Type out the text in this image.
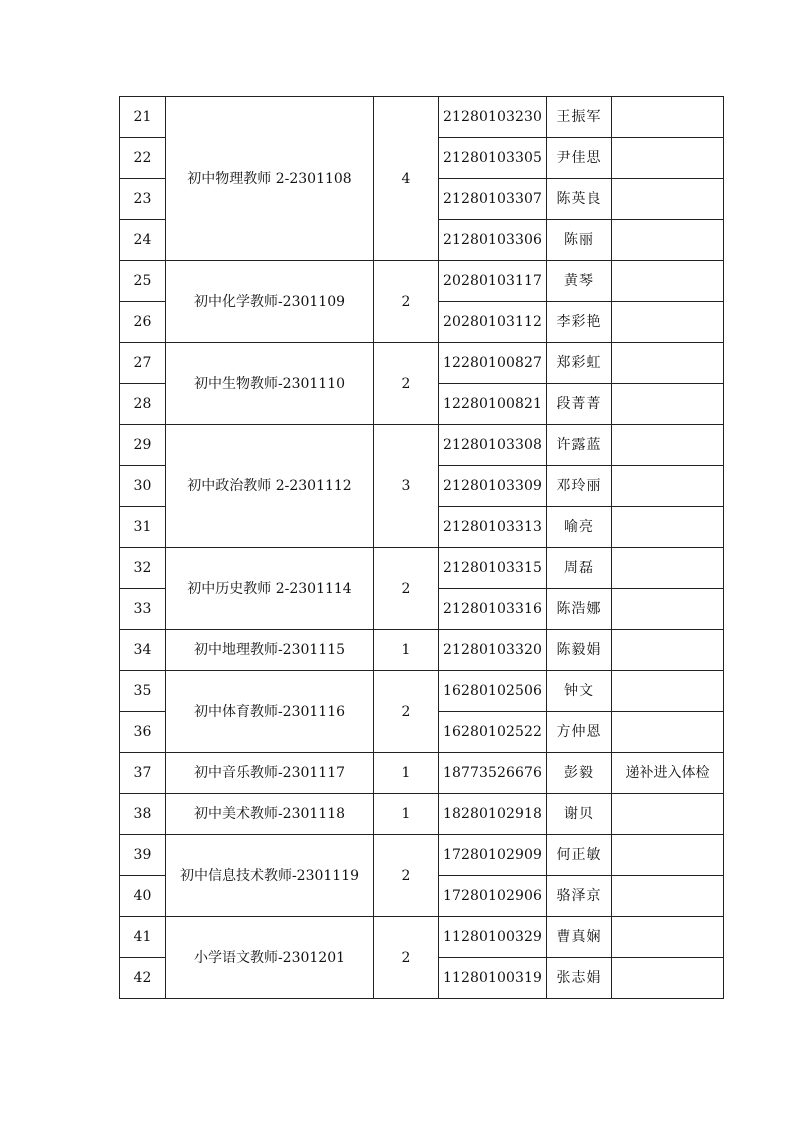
21	初中物理教师 2-2301108	4	21280103230	王振军	
22			21280103305	尹佳思	
23			21280103307	陈英良	
24			21280103306	陈丽	
25	初中化学教师-2301109	2	20280103117	黄琴	
26			20280103112	李彩艳	
27	初中生物教师-2301110	2	12280100827	郑彩虹	
28			12280100821	段菁菁	
29	初中政治教师 2-2301112	3	21280103308	许露蓝	
30			21280103309	邓玲丽	
31			21280103313	喻亮	
32	初中历史教师 2-2301114	2	21280103315	周磊	
33			21280103316	陈浩娜	
34	初中地理教师-2301115	1	21280103320	陈毅娟	
35	初中体育教师-2301116	2	16280102506	钟文	
36			16280102522	方仲恩	
37	初中音乐教师-2301117	1	18773526676	彭毅	递补进入体检
38	初中美术教师-2301118	1	18280102918	谢贝	
39	初中信息技术教师-2301119	2	17280102909	何正敏	
40			17280102906	骆泽京	
41	小学语文教师-2301201	2	11280100329	曹真娴	
42			11280100319	张志娟	
